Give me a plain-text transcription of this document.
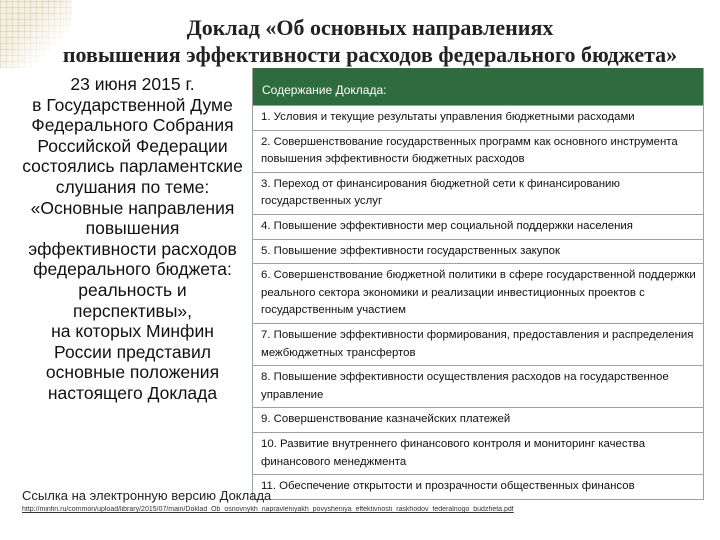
Доклад «Об основных направлениях
повышения эффективности расходов федерального бюджета»
23 июня 2015 г.
в Государственной Думе
Федерального Собрания
Российской Федерации
состоялись парламентские
слушания по теме:
«Основные направления
повышения
эффективности расходов
федерального бюджета:
реальность и
перспективы»,
на которых Минфин
России представил
основные положения
настоящего Доклада
Содержание Доклада:
1. Условия и текущие результаты управления бюджетными расходами
2. Совершенствование государственных программ как основного инструмента повышения эффективности бюджетных расходов
3. Переход от финансирования бюджетной сети к финансированию государственных услуг
4. Повышение эффективности мер социальной поддержки населения
5. Повышение эффективности государственных закупок
6. Совершенствование бюджетной политики в сфере государственной поддержки реального сектора экономики и реализации инвестиционных проектов с государственным участием
7. Повышение эффективности формирования, предоставления и распределения межбюджетных трансфертов
8. Повышение эффективности осуществления расходов на государственное управление
9. Совершенствование казначейских платежей
10. Развитие внутреннего финансового контроля и мониторинг качества финансового менеджмента
11. Обеспечение открытости и прозрачности общественных финансов
Ссылка на электронную версию Доклада
http://minfin.ru/common/upload/library/2015/07/main/Doklad_Ob_osnovnykh_napravleniyakh_povysheniya_effektivnosti_raskhodov_federalnogo_budzheta.pdf
